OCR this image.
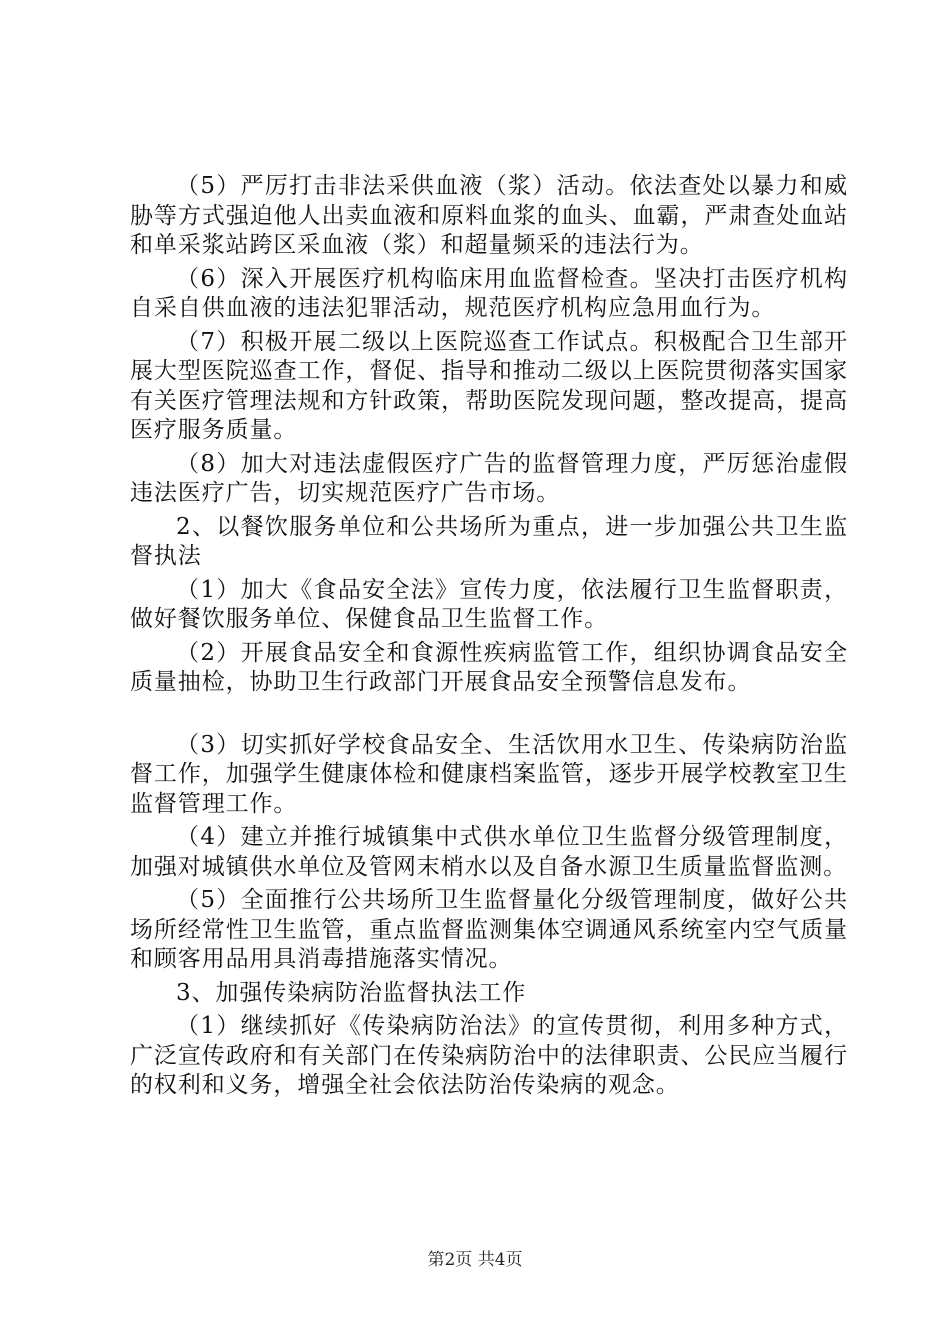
（5）严厉打击非法采供血液（浆）活动。依法查处以暴力和威胁等方式强迫他人出卖血液和原料血浆的血头、血霸，严肃查处血站和单采浆站跨区采血液（浆）和超量频采的违法行为。

（6）深入开展医疗机构临床用血监督检查。坚决打击医疗机构自采自供血液的违法犯罪活动，规范医疗机构应急用血行为。

（7）积极开展二级以上医院巡查工作试点。积极配合卫生部开展大型医院巡查工作，督促、指导和推动二级以上医院贯彻落实国家有关医疗管理法规和方针政策，帮助医院发现问题，整改提高，提高医疗服务质量。

（8）加大对违法虚假医疗广告的监督管理力度，严厉惩治虚假违法医疗广告，切实规范医疗广告市场。

2、以餐饮服务单位和公共场所为重点，进一步加强公共卫生监督执法

（1）加大《食品安全法》宣传力度，依法履行卫生监督职责，做好餐饮服务单位、保健食品卫生监督工作。

（2）开展食品安全和食源性疾病监管工作，组织协调食品安全质量抽检，协助卫生行政部门开展食品安全预警信息发布。

（3）切实抓好学校食品安全、生活饮用水卫生、传染病防治监督工作，加强学生健康体检和健康档案监管，逐步开展学校教室卫生监督管理工作。

（4）建立并推行城镇集中式供水单位卫生监督分级管理制度，加强对城镇供水单位及管网末梢水以及自备水源卫生质量监督监测。

（5）全面推行公共场所卫生监督量化分级管理制度，做好公共场所经常性卫生监管，重点监督监测集体空调通风系统室内空气质量和顾客用品用具消毒措施落实情况。

3、加强传染病防治监督执法工作

（1）继续抓好《传染病防治法》的宣传贯彻，利用多种方式，广泛宣传政府和有关部门在传染病防治中的法律职责、公民应当履行的权利和义务，增强全社会依法防治传染病的观念。

第2页 共4页
